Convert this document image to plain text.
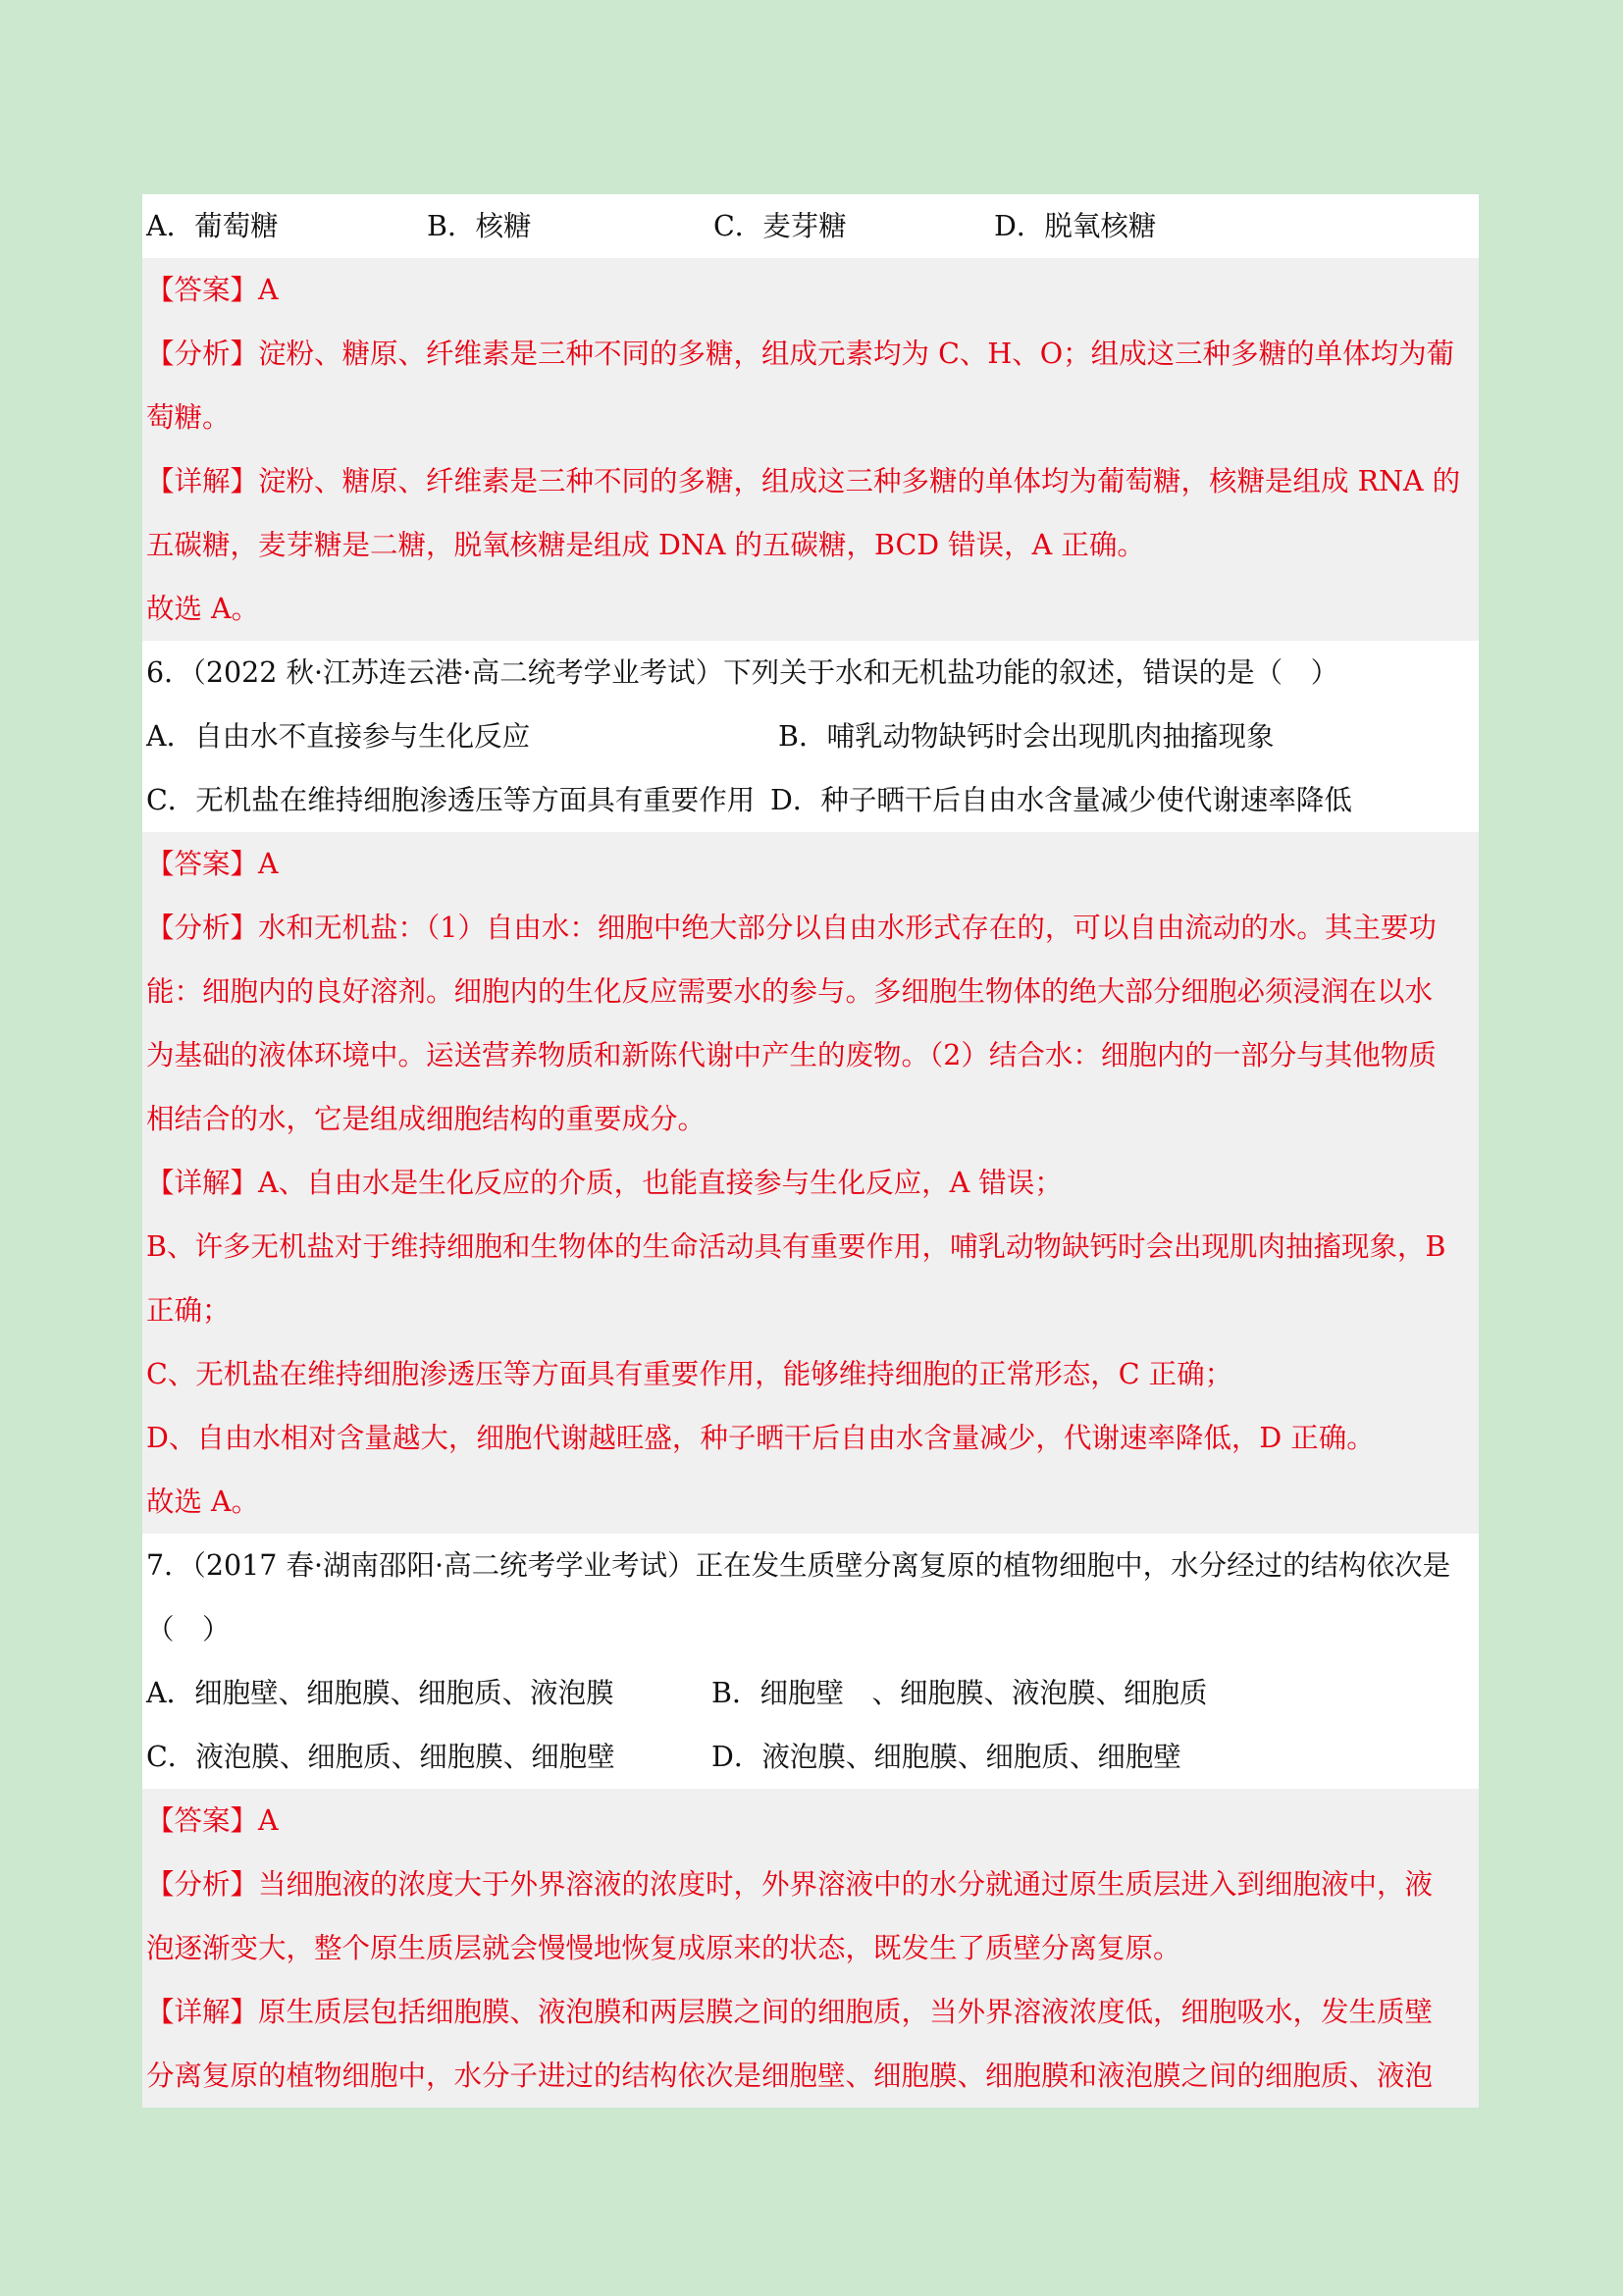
A．葡萄糖	B．核糖	C．麦芽糖	D．脱氧核糖
【答案】A
【分析】淀粉、糖原、纤维素是三种不同的多糖，组成元素均为 C、H、O；组成这三种多糖的单体均为葡
萄糖。
【详解】淀粉、糖原、纤维素是三种不同的多糖，组成这三种多糖的单体均为葡萄糖，核糖是组成 RNA 的
五碳糖，麦芽糖是二糖，脱氧核糖是组成 DNA 的五碳糖，BCD 错误，A 正确。
故选 A。
6．（2022 秋·江苏连云港·高二统考学业考试）下列关于水和无机盐功能的叙述，错误的是（　）
A．自由水不直接参与生化反应	B．哺乳动物缺钙时会出现肌肉抽搐现象
C．无机盐在维持细胞渗透压等方面具有重要作用 D．种子晒干后自由水含量减少使代谢速率降低
【答案】A
【分析】水和无机盐：（1）自由水：细胞中绝大部分以自由水形式存在的，可以自由流动的水。其主要功
能：细胞内的良好溶剂。细胞内的生化反应需要水的参与。多细胞生物体的绝大部分细胞必须浸润在以水
为基础的液体环境中。运送营养物质和新陈代谢中产生的废物。（2）结合水：细胞内的一部分与其他物质
相结合的水，它是组成细胞结构的重要成分。
【详解】A、自由水是生化反应的介质，也能直接参与生化反应，A 错误；
B、许多无机盐对于维持细胞和生物体的生命活动具有重要作用，哺乳动物缺钙时会出现肌肉抽搐现象，B
正确；
C、无机盐在维持细胞渗透压等方面具有重要作用，能够维持细胞的正常形态，C 正确；
D、自由水相对含量越大，细胞代谢越旺盛，种子晒干后自由水含量减少，代谢速率降低，D 正确。
故选 A。
7．（2017 春·湖南邵阳·高二统考学业考试）正在发生质壁分离复原的植物细胞中，水分经过的结构依次是
（　）
A．细胞壁、细胞膜、细胞质、液泡膜	B．细胞壁　、细胞膜、液泡膜、细胞质
C．液泡膜、细胞质、细胞膜、细胞壁	D．液泡膜、细胞膜、细胞质、细胞壁
【答案】A
【分析】当细胞液的浓度大于外界溶液的浓度时，外界溶液中的水分就通过原生质层进入到细胞液中，液
泡逐渐变大，整个原生质层就会慢慢地恢复成原来的状态，既发生了质壁分离复原。
【详解】原生质层包括细胞膜、液泡膜和两层膜之间的细胞质，当外界溶液浓度低，细胞吸水，发生质壁
分离复原的植物细胞中，水分子进过的结构依次是细胞壁、细胞膜、细胞膜和液泡膜之间的细胞质、液泡
